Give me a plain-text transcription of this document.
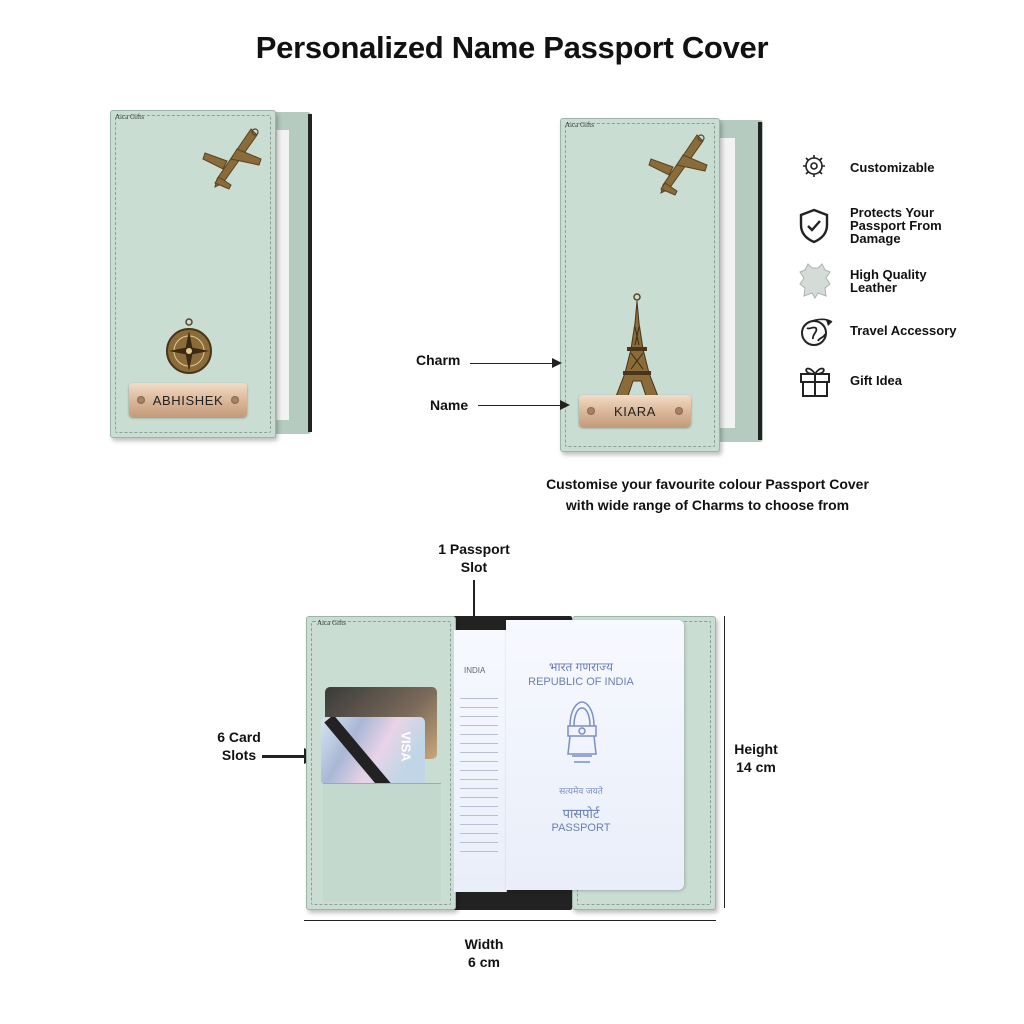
Personalized Name Passport Cover
Aica Gifts
ABHISHEK
Aica Gifts
KIARA
Charm
Name
Customizable
Protects Your Passport From Damage
High Quality Leather
Travel Accessory
Gift Idea
Customise your favourite colour Passport Cover
with wide range of Charms to choose from
1 Passport
Slot
6 Card
Slots
Aica Gifts
VISA
INDIA	भारत गणराज्य
REPUBLIC OF INDIA
सत्यमेव जयते
पासपोर्ट
PASSPORT
Height
14 cm
Width
6 cm
